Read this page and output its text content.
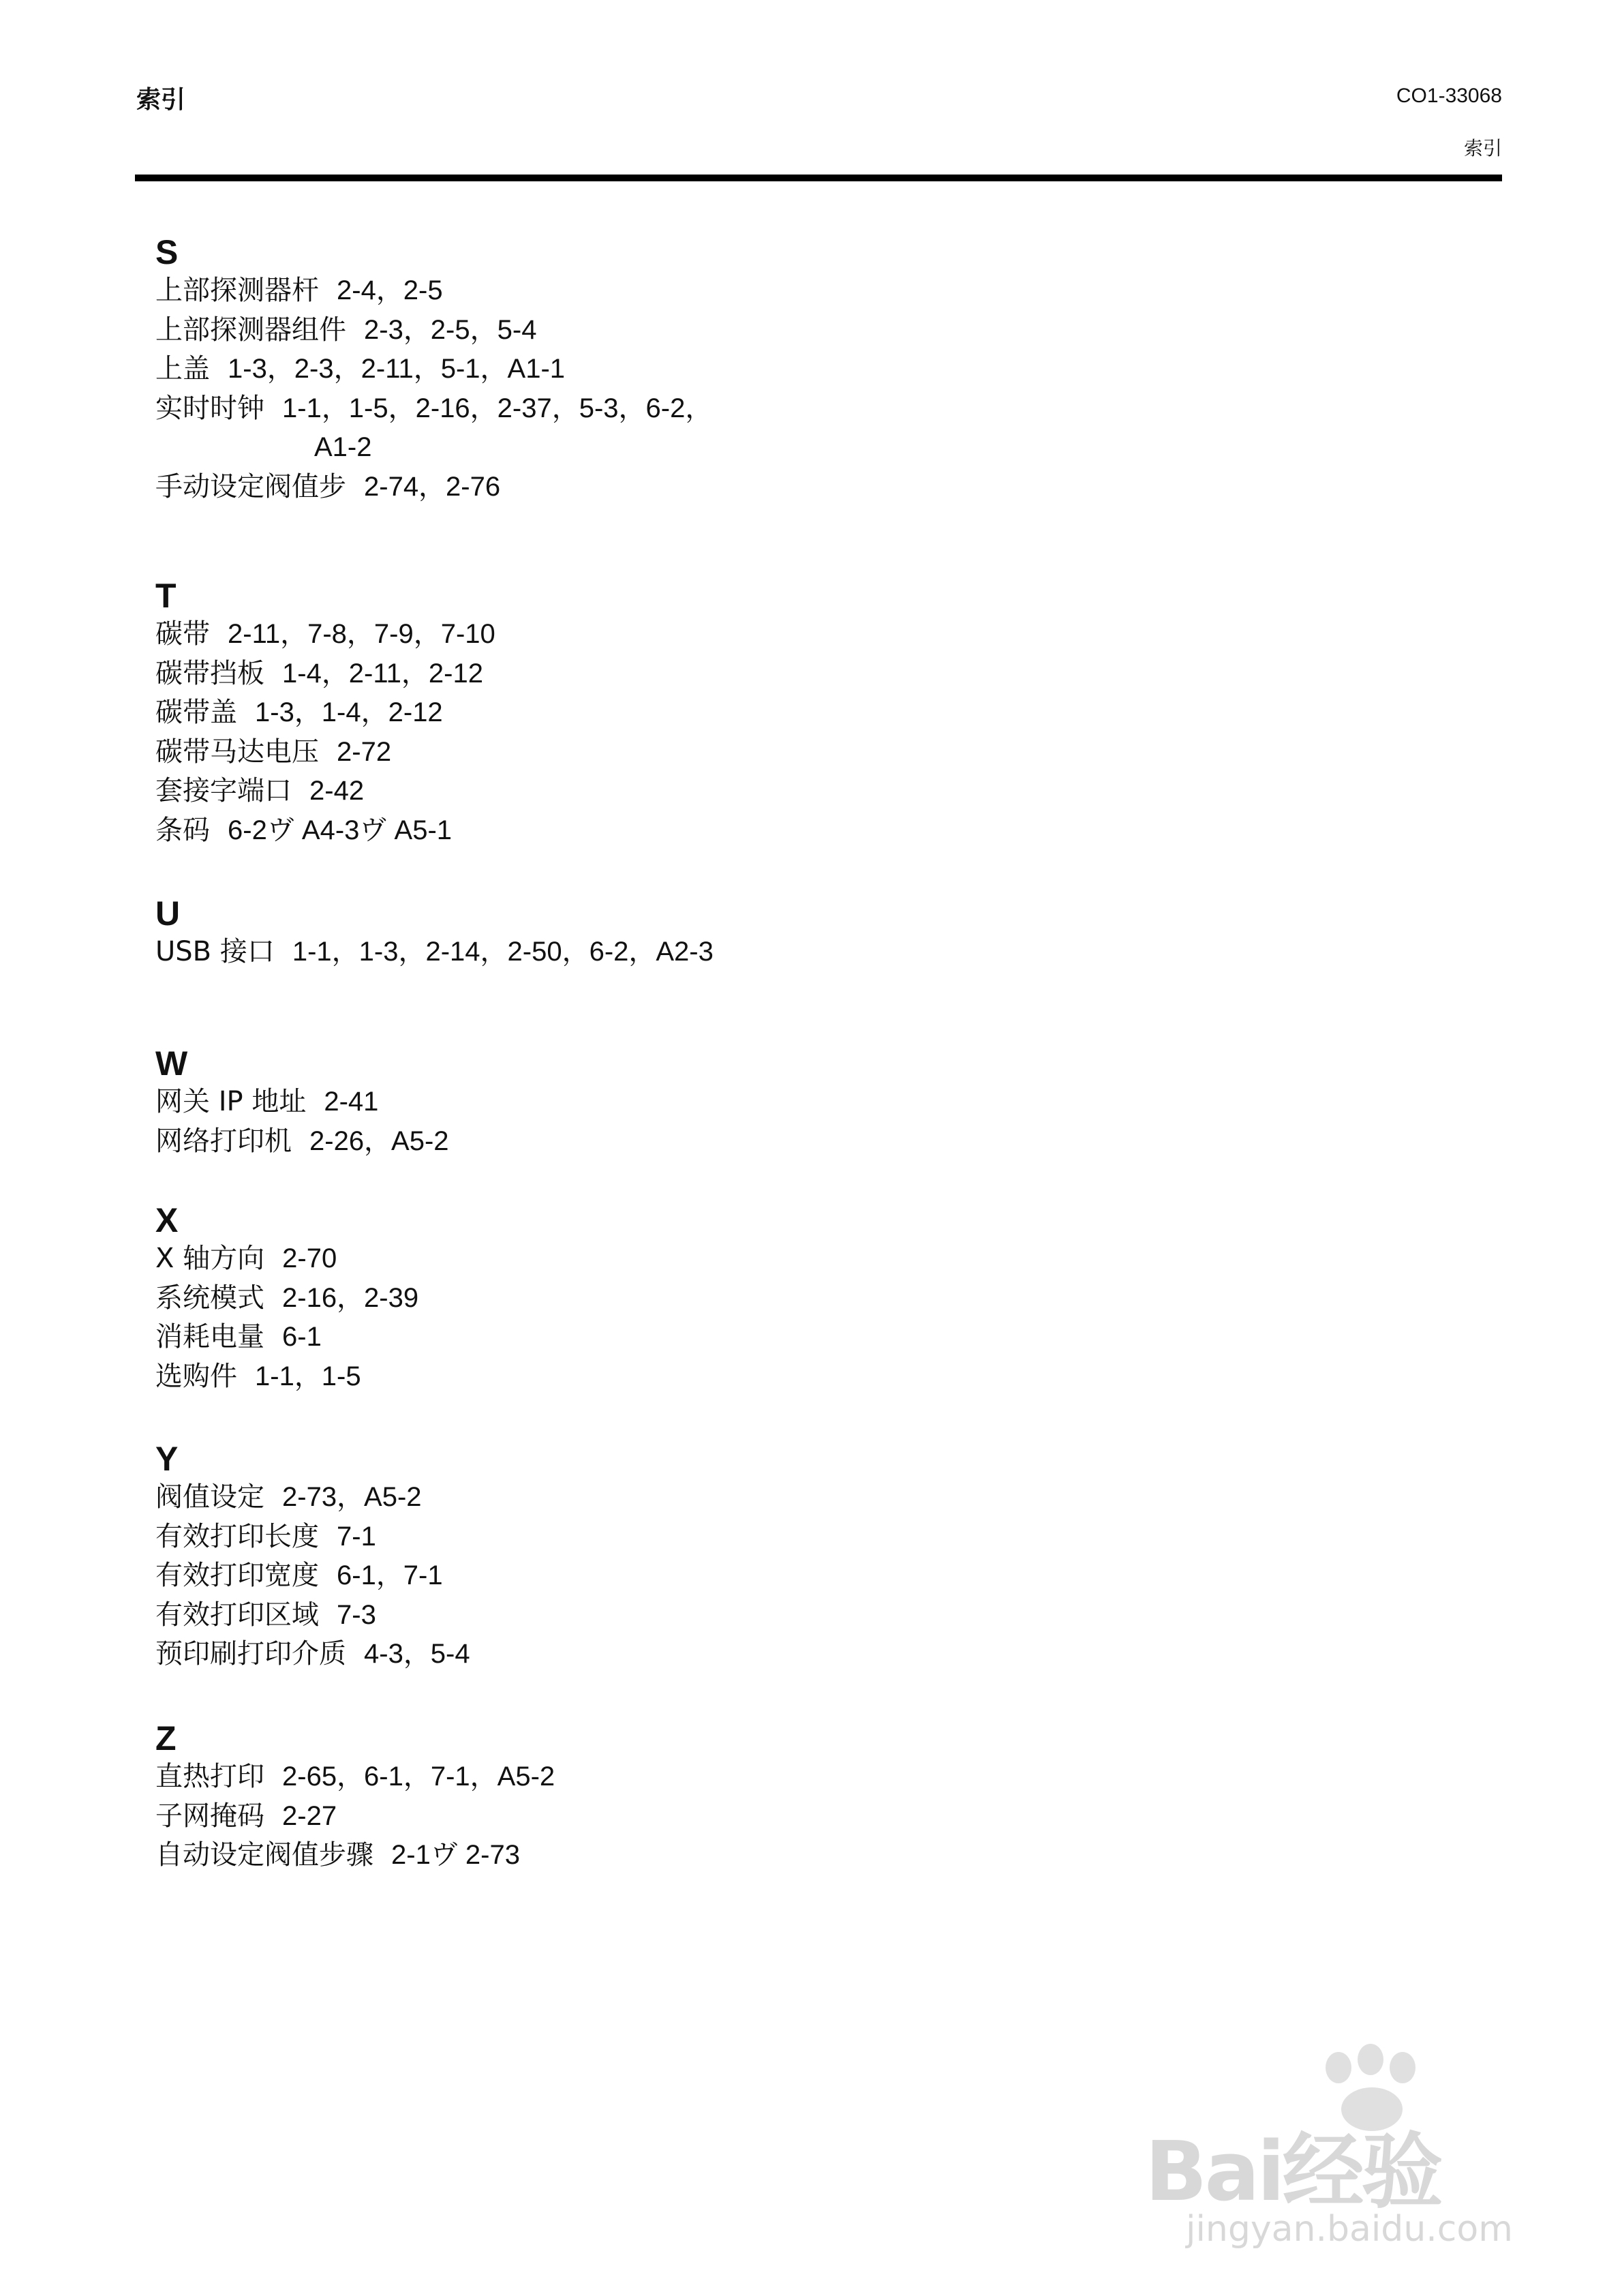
索引	CO1-33068
索引
S
上部探测器杆 2-4，2-5
上部探测器组件 2-3，2-5，5-4
上盖 1-3，2-3，2-11，5-1，A1-1
实时时钟 1-1，1-5，2-16，2-37，5-3，6-2，
A1-2
手动设定阀值步 2-74，2-76
T
碳带 2-11，7-8，7-9，7-10
碳带挡板 1-4，2-11，2-12
碳带盖 1-3，1-4，2-12
碳带马达电压 2-72
套接字端口 2-42
条码 6-2ヴ A4-3ヴ A5-1
U
USB 接口 1-1，1-3，2-14，2-50，6-2，A2-3
W
网关 IP 地址 2-41
网络打印机 2-26，A5-2
X
X 轴方向 2-70
系统模式 2-16，2-39
消耗电量 6-1
选购件 1-1，1-5
Y
阀值设定 2-73，A5-2
有效打印长度 7-1
有效打印宽度 6-1，7-1
有效打印区域 7-3
预印刷打印介质 4-3，5-4
Z
直热打印 2-65，6-1，7-1，A5-2
子网掩码 2-27
自动设定阀值步骤 2-1ヴ 2-73
Bai经验
jingyan.baidu.com
